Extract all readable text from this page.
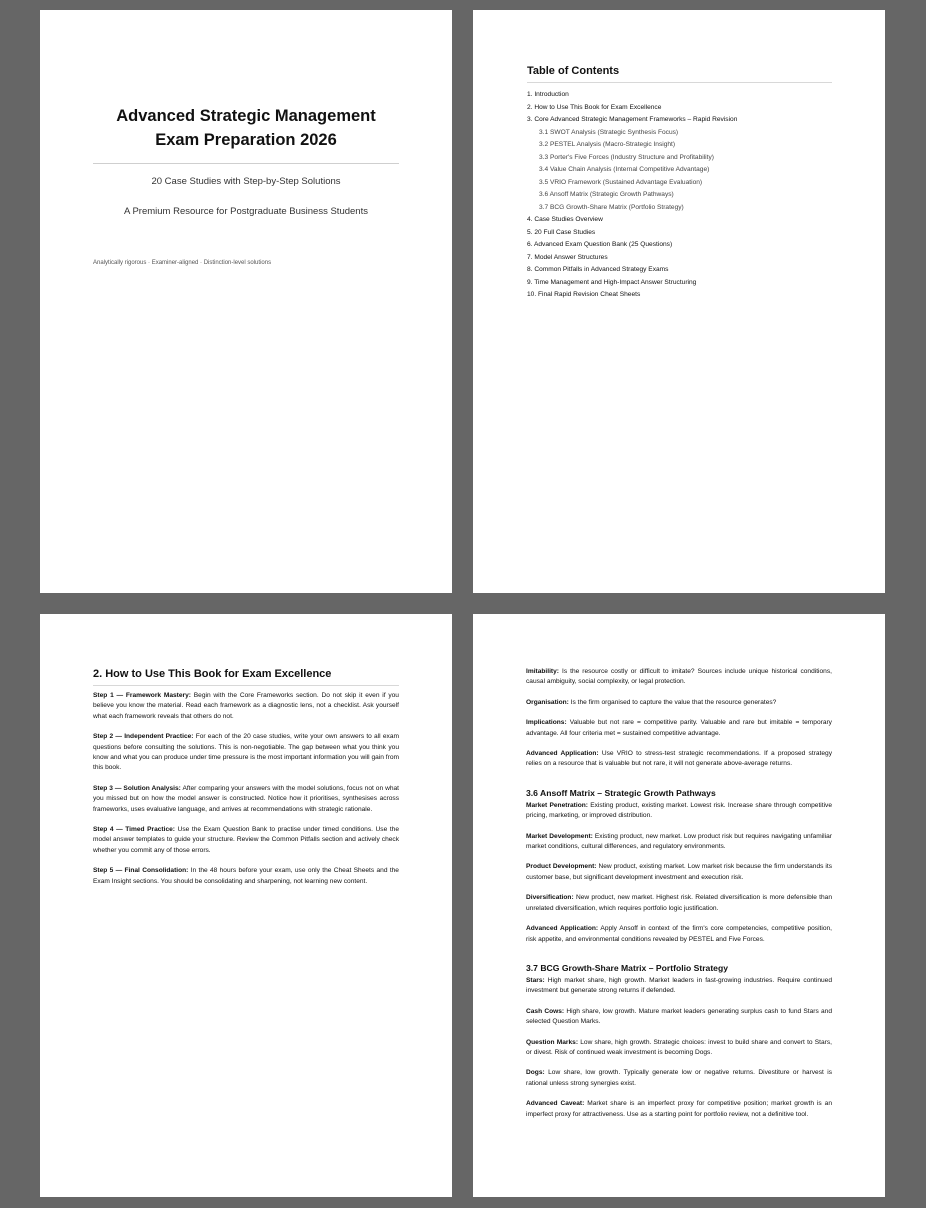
Advanced Strategic Management
Exam Preparation 2026
20 Case Studies with Step-by-Step Solutions
A Premium Resource for Postgraduate Business Students
Analytically rigorous · Examiner-aligned · Distinction-level solutions
Table of Contents
1. Introduction
2. How to Use This Book for Exam Excellence
3. Core Advanced Strategic Management Frameworks – Rapid Revision
3.1 SWOT Analysis (Strategic Synthesis Focus)
3.2 PESTEL Analysis (Macro-Strategic Insight)
3.3 Porter's Five Forces (Industry Structure and Profitability)
3.4 Value Chain Analysis (Internal Competitive Advantage)
3.5 VRIO Framework (Sustained Advantage Evaluation)
3.6 Ansoff Matrix (Strategic Growth Pathways)
3.7 BCG Growth-Share Matrix (Portfolio Strategy)
4. Case Studies Overview
5. 20 Full Case Studies
6. Advanced Exam Question Bank (25 Questions)
7. Model Answer Structures
8. Common Pitfalls in Advanced Strategy Exams
9. Time Management and High-Impact Answer Structuring
10. Final Rapid Revision Cheat Sheets
2. How to Use This Book for Exam Excellence

Step 1 — Framework Mastery: Begin with the Core Frameworks section. Do not skip it even if you believe you know the material. Read each framework as a diagnostic lens, not a checklist. Ask yourself what each framework reveals that others do not.

Step 2 — Independent Practice: For each of the 20 case studies, write your own answers to all exam questions before consulting the solutions. This is non-negotiable. The gap between what you think you know and what you can produce under time pressure is the most important information you will gain from this book.

Step 3 — Solution Analysis: After comparing your answers with the model solutions, focus not on what you missed but on how the model answer is constructed. Notice how it prioritises, synthesises across frameworks, uses evaluative language, and arrives at recommendations with strategic rationale.

Step 4 — Timed Practice: Use the Exam Question Bank to practise under timed conditions. Use the model answer templates to guide your structure. Review the Common Pitfalls section and actively check whether you commit any of those errors.

Step 5 — Final Consolidation: In the 48 hours before your exam, use only the Cheat Sheets and the Exam Insight sections. You should be consolidating and sharpening, not learning new content.

Imitability: Is the resource costly or difficult to imitate? Sources include unique historical conditions, causal ambiguity, social complexity, or legal protection.

Organisation: Is the firm organised to capture the value that the resource generates?

Implications: Valuable but not rare = competitive parity. Valuable and rare but imitable = temporary advantage. All four criteria met = sustained competitive advantage.

Advanced Application: Use VRIO to stress-test strategic recommendations. If a proposed strategy relies on a resource that is valuable but not rare, it will not generate above-average returns.

3.6 Ansoff Matrix – Strategic Growth Pathways

Market Penetration: Existing product, existing market. Lowest risk. Increase share through competitive pricing, marketing, or improved distribution.

Market Development: Existing product, new market. Low product risk but requires navigating unfamiliar market conditions, cultural differences, and regulatory environments.

Product Development: New product, existing market. Low market risk because the firm understands its customer base, but significant development investment and execution risk.

Diversification: New product, new market. Highest risk. Related diversification is more defensible than unrelated diversification, which requires portfolio logic justification.

Advanced Application: Apply Ansoff in context of the firm's core competencies, competitive position, risk appetite, and environmental conditions revealed by PESTEL and Five Forces.

3.7 BCG Growth-Share Matrix – Portfolio Strategy

Stars: High market share, high growth. Market leaders in fast-growing industries. Require continued investment but generate strong returns if defended.

Cash Cows: High share, low growth. Mature market leaders generating surplus cash to fund Stars and selected Question Marks.

Question Marks: Low share, high growth. Strategic choices: invest to build share and convert to Stars, or divest. Risk of continued weak investment is becoming Dogs.

Dogs: Low share, low growth. Typically generate low or negative returns. Divestiture or harvest is rational unless strong synergies exist.

Advanced Caveat: Market share is an imperfect proxy for competitive position; market growth is an imperfect proxy for attractiveness. Use as a starting point for portfolio review, not a definitive tool.
